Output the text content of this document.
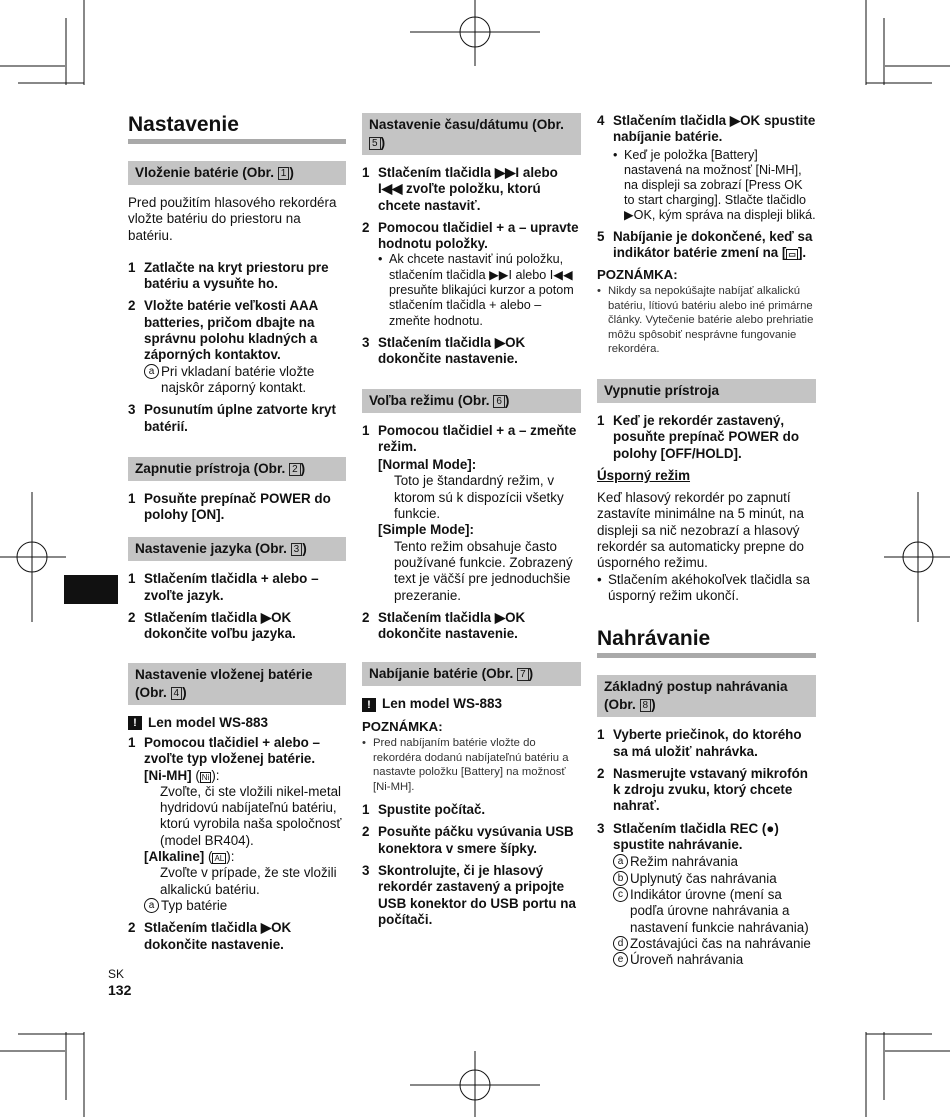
Nastavenie
Vloženie batérie (Obr. 1 )
Pred použitím hlasového rekordéra vložte batériu do priestoru na batériu.
1 Zatlačte na kryt priestoru pre batériu a vysuňte ho.
2 Vložte batérie veľkosti AAA batteries, pričom dbajte na správnu polohu kladných a záporných kontaktov.
a Pri vkladaní batérie vložte najskôr záporný kontakt.
3 Posunutím úplne zatvorte kryt batérií.
Zapnutie prístroja (Obr. 2 )
1 Posuňte prepínač POWER do polohy [ON].
Nastavenie jazyka (Obr. 3 )
1 Stlačením tlačidla + alebo – zvoľte jazyk.
2 Stlačením tlačidla ▶OK dokončite voľbu jazyka.
Nastavenie vloženej batérie (Obr. 4 )
! Len model WS-883
1 Pomocou tlačidiel + alebo – zvoľte typ vloženej batérie.
[Ni-MH] ( Ni ):
Zvoľte, či ste vložili nikel-metal hydridovú nabíjateľnú batériu, ktorú vyrobila naša spoločnosť (model BR404).
[Alkaline] ( AL ):
Zvoľte v prípade, že ste vložili alkalickú batériu.
a Typ batérie
2 Stlačením tlačidla ▶OK dokončite nastavenie.
Nastavenie času/dátumu (Obr. 5 )
1 Stlačením tlačidla ▶▶I alebo I◀◀ zvoľte položku, ktorú chcete nastaviť.
2 Pomocou tlačidiel + a – upravte hodnotu položky.
• Ak chcete nastaviť inú položku, stlačením tlačidla ▶▶I alebo I◀◀ presuňte blikajúci kurzor a potom stlačením tlačidla + alebo – zmeňte hodnotu.
3 Stlačením tlačidla ▶OK dokončite nastavenie.
Voľba režimu (Obr. 6 )
1 Pomocou tlačidiel + a – zmeňte režim.
[Normal Mode]:
Toto je štandardný režim, v ktorom sú k dispozícii všetky funkcie.
[Simple Mode]:
Tento režim obsahuje často používané funkcie. Zobrazený text je väčší pre jednoduchšie prezeranie.
2 Stlačením tlačidla ▶OK dokončite nastavenie.
Nabíjanie batérie (Obr. 7 )
! Len model WS-883
POZNÁMKA:
• Pred nabíjaním batérie vložte do rekordéra dodanú nabíjateľnú batériu a nastavte položku [Battery] na možnosť [Ni-MH].
1 Spustite počítač.
2 Posuňte páčku vysúvania USB konektora v smere šípky.
3 Skontrolujte, či je hlasový rekordér zastavený a pripojte USB konektor do USB portu na počítači.
4 Stlačením tlačidla ▶OK spustite nabíjanie batérie.
• Keď je položka [Battery] nastavená na možnosť [Ni-MH], na displeji sa zobrazí [Press OK to start charging]. Stlačte tlačidlo ▶OK, kým správa na displeji bliká.
5 Nabíjanie je dokončené, keď sa indikátor batérie zmení na [ ▭ ].
POZNÁMKA:
• Nikdy sa nepokúšajte nabíjať alkalickú batériu, lítiovú batériu alebo iné primárne články. Vytečenie batérie alebo prehriatie môžu spôsobiť nesprávne fungovanie rekordéra.
Vypnutie prístroja
1 Keď je rekordér zastavený, posuňte prepínač POWER do polohy [OFF/HOLD].
Úsporný režim
Keď hlasový rekordér po zapnutí zastavíte minimálne na 5 minút, na displeji sa nič nezobrazí a hlasový rekordér sa automaticky prepne do úsporného režimu.
• Stlačením akéhokoľvek tlačidla sa úsporný režim ukončí.
Nahrávanie
Základný postup nahrávania (Obr. 8 )
1 Vyberte priečinok, do ktorého sa má uložiť nahrávka.
2 Nasmerujte vstavaný mikrofón k zdroju zvuku, ktorý chcete nahrať.
3 Stlačením tlačidla REC (●) spustite nahrávanie.
a Režim nahrávania
b Uplynutý čas nahrávania
c Indikátor úrovne (mení sa podľa úrovne nahrávania a nastavení funkcie nahrávania)
d Zostávajúci čas na nahrávanie
e Úroveň nahrávania
SK
132
